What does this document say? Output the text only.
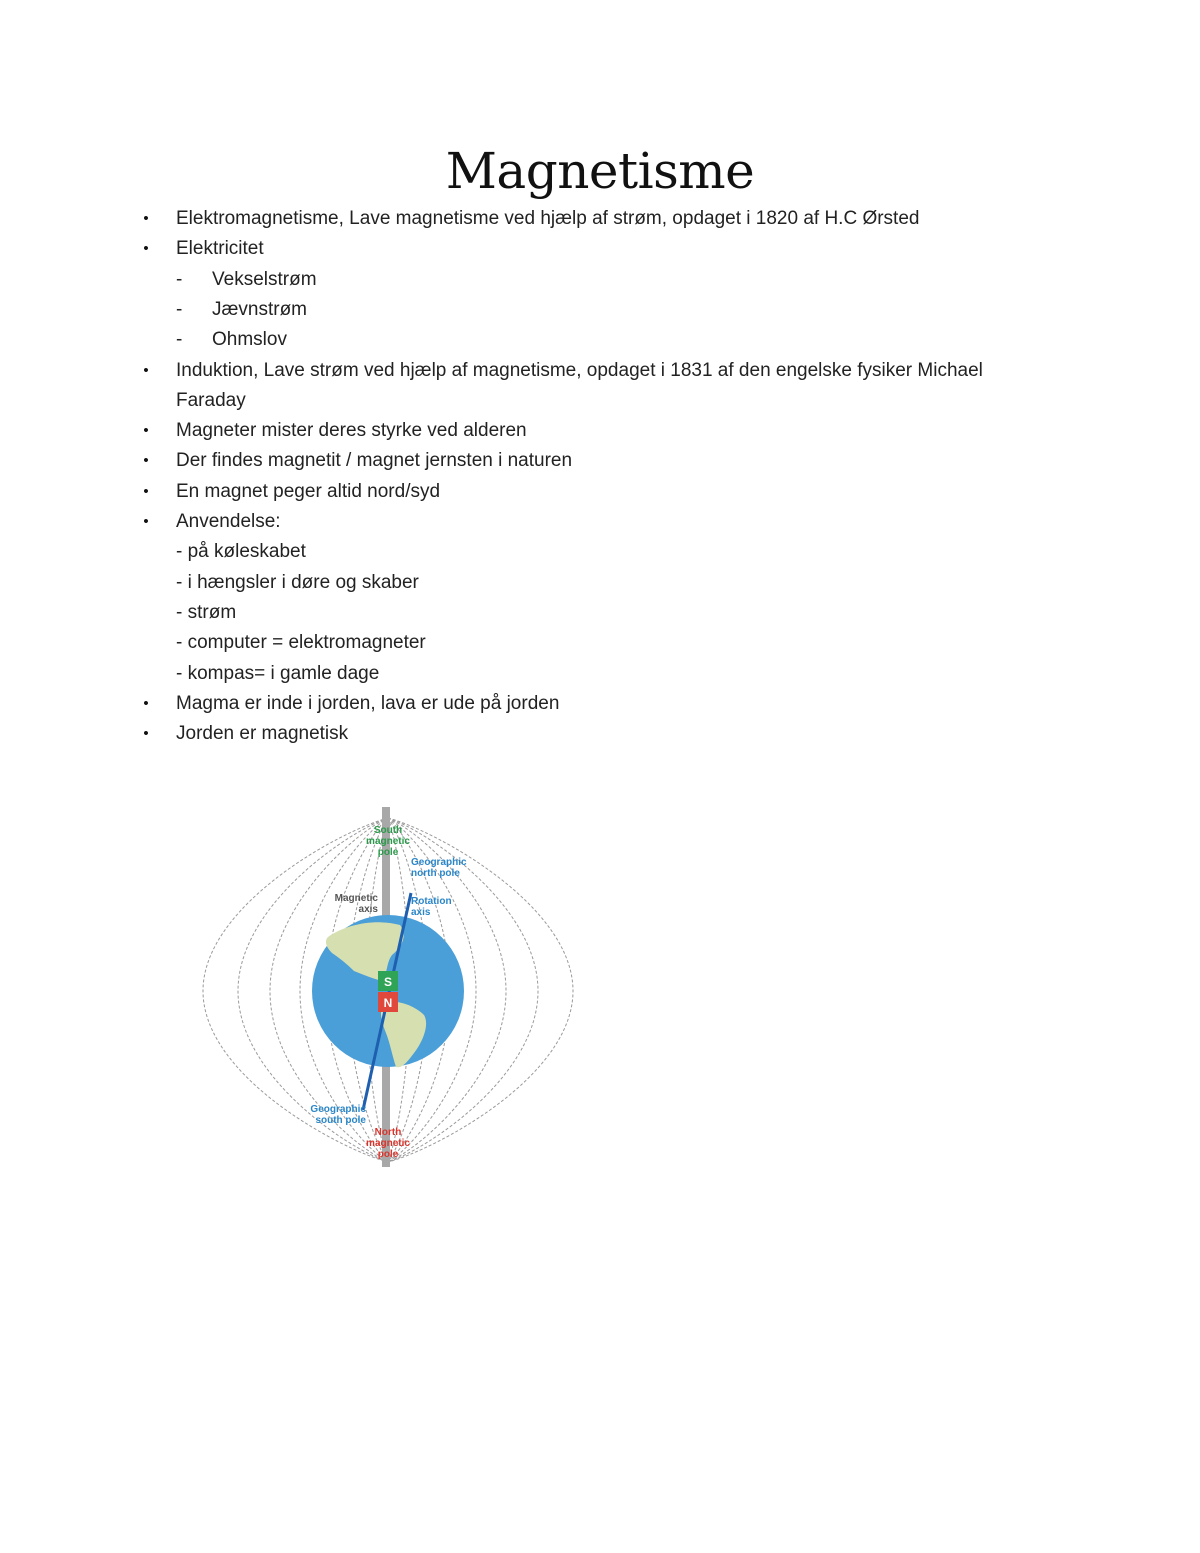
Magnetisme
• Elektromagnetisme, Lave magnetisme ved hjælp af strøm, opdaget i 1820 af H.C Ørsted
• Elektricitet
- Vekselstrøm
- Jævnstrøm
- Ohmslov
• Induktion, Lave strøm ved hjælp af magnetisme, opdaget i 1831 af den engelske fysiker Michael
Faraday
• Magneter mister deres styrke ved alderen
• Der findes magnetit / magnet jernsten i naturen
• En magnet peger altid nord/syd
• Anvendelse:
- på køleskabet
- i hængsler i døre og skaber
- strøm
- computer = elektromagneter
- kompas= i gamle dage
• Magma er inde i jorden, lava er ude på jorden
• Jorden er magnetisk
S
N
South magnetic pole
Geographic north pole
Magnetic axis
Rotation axis
Geographic south pole
North magnetic pole
